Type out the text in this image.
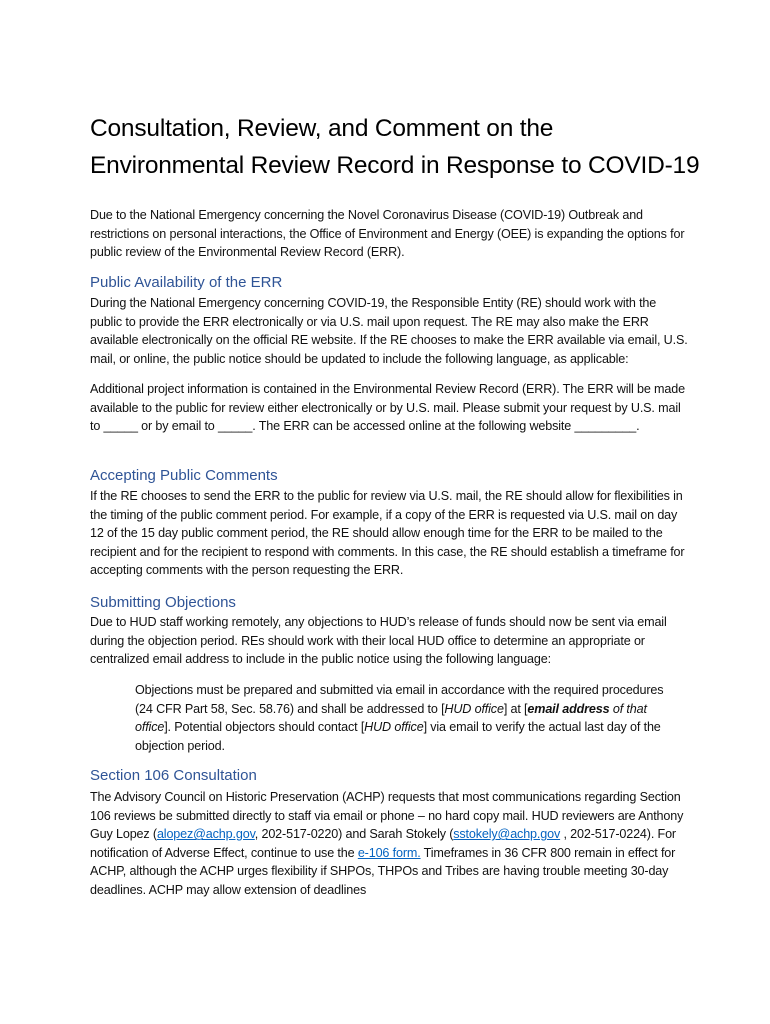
Consultation, Review, and Comment on the
Environmental Review Record in Response to COVID-19

Due to the National Emergency concerning the Novel Coronavirus Disease (COVID-19) Outbreak and restrictions on personal interactions, the Office of Environment and Energy (OEE) is expanding the options for public review of the Environmental Review Record (ERR).

Public Availability of the ERR

During the National Emergency concerning COVID-19, the Responsible Entity (RE) should work with the public to provide the ERR electronically or via U.S. mail upon request. The RE may also make the ERR available electronically on the official RE website. If the RE chooses to make the ERR available via email, U.S. mail, or online, the public notice should be updated to include the following language, as applicable:

Additional project information is contained in the Environmental Review Record (ERR). The ERR will be made available to the public for review either electronically or by U.S. mail. Please submit your request by U.S. mail to _____ or by email to _____. The ERR can be accessed online at the following website _________.

Accepting Public Comments

If the RE chooses to send the ERR to the public for review via U.S. mail, the RE should allow for flexibilities in the timing of the public comment period. For example, if a copy of the ERR is requested via U.S. mail on day 12 of the 15 day public comment period, the RE should allow enough time for the ERR to be mailed to the recipient and for the recipient to respond with comments. In this case, the RE should establish a timeframe for accepting comments with the person requesting the ERR.

Submitting Objections

Due to HUD staff working remotely, any objections to HUD’s release of funds should now be sent via email during the objection period. REs should work with their local HUD office to determine an appropriate or centralized email address to include in the public notice using the following language:

Objections must be prepared and submitted via email in accordance with the required procedures (24 CFR Part 58, Sec. 58.76) and shall be addressed to [HUD office] at [email address of that office]. Potential objectors should contact [HUD office] via email to verify the actual last day of the objection period.

Section 106 Consultation

The Advisory Council on Historic Preservation (ACHP) requests that most communications regarding Section 106 reviews be submitted directly to staff via email or phone – no hard copy mail. HUD reviewers are Anthony Guy Lopez (alopez@achp.gov, 202-517-0220) and Sarah Stokely (sstokely@achp.gov , 202-517-0224). For notification of Adverse Effect, continue to use the e-106 form. Timeframes in 36 CFR 800 remain in effect for ACHP, although the ACHP urges flexibility if SHPOs, THPOs and Tribes are having trouble meeting 30-day deadlines. ACHP may allow extension of deadlines
